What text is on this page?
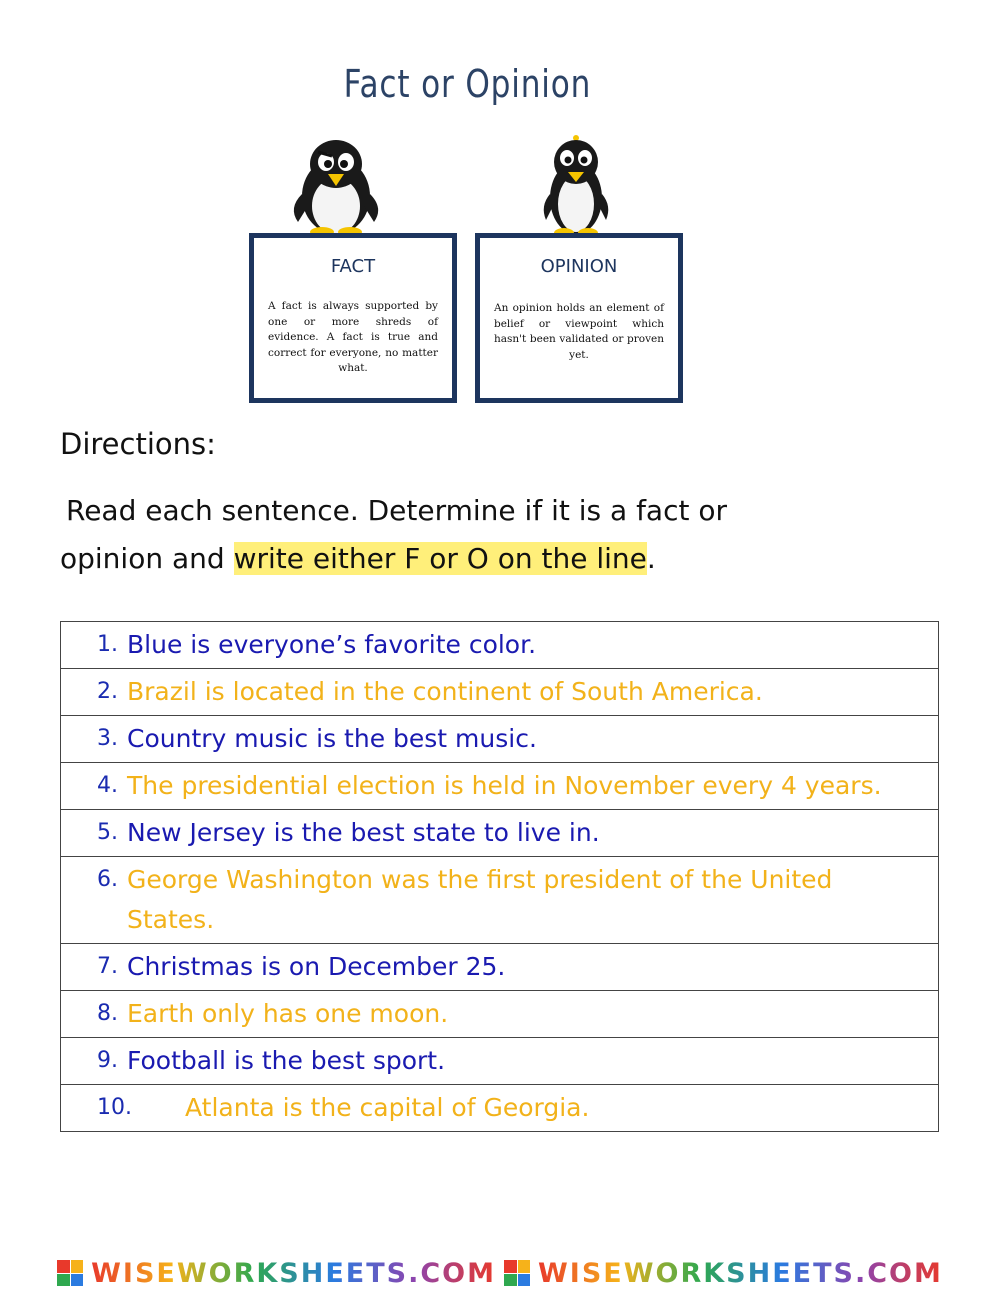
Fact or Opinion
FACT
A fact is always supported by one or more shreds of evidence. A fact is true and correct for everyone, no matter what.
OPINION
An opinion holds an element of belief or viewpoint which hasn't been validated or proven yet.
Directions:
Read each sentence. Determine if it is a fact or
opinion and write either F or O on the line.
1. Blue is everyone’s favorite color.

2. Brazil is located in the continent of South America.

3. Country music is the best music.

4. The presidential election is held in November every 4 years.

5. New Jersey is the best state to live in.

6. George Washington was the first president of the United States.

7. Christmas is on December 25.

8. Earth only has one moon.

9. Football is the best sport.

10.	Atlanta is the capital of Georgia.
WISEWORKSHEETS.COM WISEWORKSHEETS.COM
